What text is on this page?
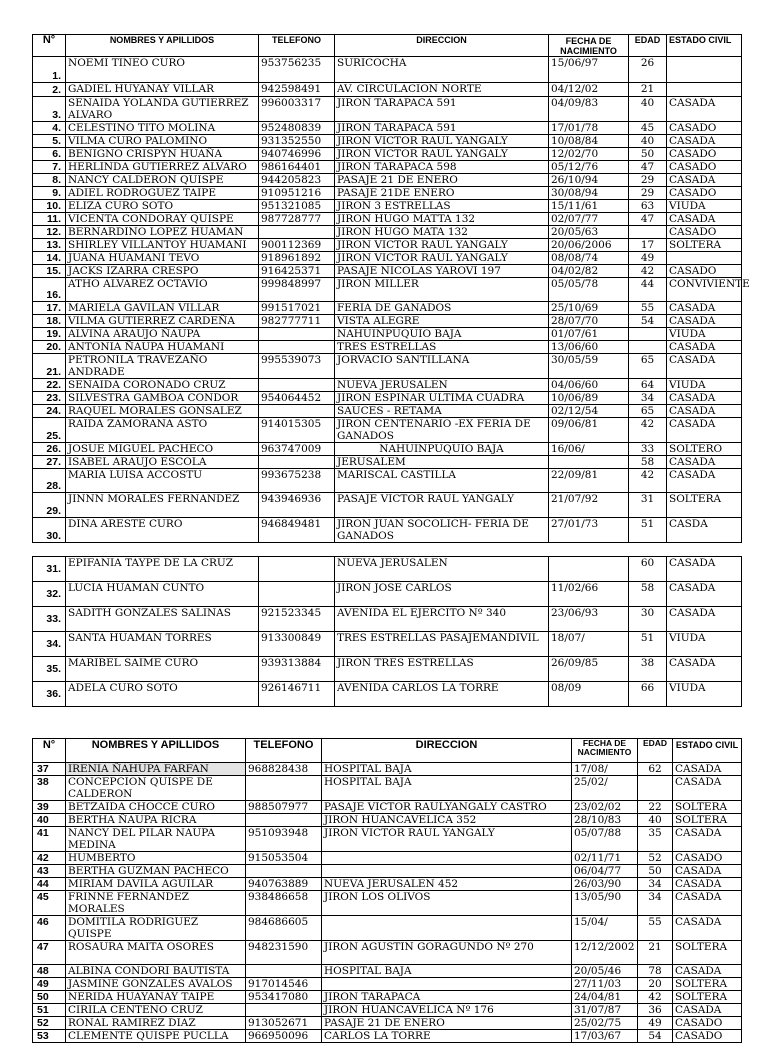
N°	NOMBRES Y APILLIDOS	TELEFONO	DIRECCION	FECHA DE NACIMIENTO	EDAD	ESTADO CIVIL
1.	NOEMI TINEO CURO	953756235	SURICOCHA	15/06/97	26	
2.	GADIEL HUYANAY VILLAR	942598491	AV. CIRCULACION NORTE	04/12/02	21	
3.	SENAIDA YOLANDA GUTIERREZ ALVARO	996003317	JIRON TARAPACA 591	04/09/83	40	CASADA
4.	CELESTINO TITO MOLINA	952480839	JIRON TARAPACA 591	17/01/78	45	CASADO
5.	VILMA CURO PALOMINO	931352550	JIRON VICTOR RAUL YANGALY	10/08/84	40	CASADA
6.	BENIGNO CRISPYN HUAÑA	940746996	JIRON VICTOR RAUL YANGALY	12/02/70	50	CASADO
7.	HERLINDA GUTIERREZ ALVARO	986164401	JIRON TARAPACA 598	05/12/76	47	CASADO
8.	NANCY CALDERON QUISPE	944205823	PASAJE 21 DE ENERO	26/10/94	29	CASADA
9.	ADIEL RODROGUEZ TAIPE	910951216	PASAJE 21DE ENERO	30/08/94	29	CASADO
10.	ELIZA CURO SOTO	951321085	JIRON 3 ESTRELLAS	15/11/61	63	VIUDA
11.	VICENTA CONDORAY QUISPE	987728777	JIRON HUGO MATTA 132	02/07/77	47	CASADA
12.	BERNARDINO LOPEZ HUAMAN		JIRON HUGO MATA 132	20/05/63		CASADO
13.	SHIRLEY VILLANTOY HUAMANI	900112369	JIRON VICTOR RAUL YANGALY	20/06/2006	17	SOLTERA
14.	JUANA HUAMANI TEVO	918961892	JIRON VICTOR RAUL YANGALY	08/08/74	49	
15.	JACKS IZARRA CRESPO	916425371	PASAJE NICOLAS YAROVI 197	04/02/82	42	CASADO
16.	ATHO ALVAREZ OCTAVIO	999848997	JIRON MILLER	05/05/78	44	CONVIVIENTE
17.	MARIELA GAVILAN VILLAR	991517021	FERIA DE GANADOS	25/10/69	55	CASADA
18.	VILMA GUTIERREZ CARDEÑA	982777711	VISTA ALEGRE	28/07/70	54	CASADA
19.	ALVINA ARAUJO ÑAUPA		NAHUINPUQUIO BAJA	01/07/61		VIUDA
20.	ANTONIA ÑAUPA HUAMANI		TRES ESTRELLAS	13/06/60		CASADA
21.	PETRONILA TRAVEZAÑO ANDRADE	995539073	JORVACIO SANTILLANA	30/05/59	65	CASADA
22.	SENAIDA CORONADO CRUZ		NUEVA JERUSALEN	04/06/60	64	VIUDA
23.	SILVESTRA GAMBOA CONDOR	954064452	JIRON ESPINAR ULTIMA CUADRA	10/06/89	34	CASADA
24.	RAQUEL MORALES GONSALEZ		SAUCES - RETAMA	02/12/54	65	CASADA
25.	RAIDA ZAMORANA ASTO	914015305	JIRON CENTENARIO -EX FERIA DE GANADOS	09/06/81	42	CASADA
26.	JOSUE MIGUEL PACHECO	963747009	NAHUINPUQUIO BAJA	16/06/	33	SOLTERO
27.	ISABEL ARAUJO ESCOLA		JERUSALEM		58	CASADA
28.	MARIA LUISA ACCOSTU	993675238	MARISCAL CASTILLA	22/09/81	42	CASADA
29.	JINNN MORALES FERNANDEZ	943946936	PASAJE VICTOR RAUL YANGALY	21/07/92	31	SOLTERA
30.	DINA ARESTE CURO	946849481	JIRON JUAN SOCOLICH- FERIA DE GANADOS	27/01/73	51	CASDA
31.	EPIFANIA TAYPE DE LA CRUZ		NUEVA JERUSALEN		60	CASADA
32.	LUCIA HUAMAN CUNTO		JIRON JOSE CARLOS	11/02/66	58	CASADA
33.	SADITH GONZALES SALINAS	921523345	AVENIDA EL EJERCITO Nº 340	23/06/93	30	CASADA
34.	SANTA HUAMAN TORRES	913300849	TRES ESTRELLAS PASAJEMANDIVIL	18/07/	51	VIUDA
35.	MARIBEL SAIME CURO	939313884	JIRON TRES ESTRELLAS	26/09/85	38	CASADA
36.	ADELA CURO SOTO	926146711	AVENIDA CARLOS LA TORRE	08/09	66	VIUDA
N°	NOMBRES Y APILLIDOS	TELEFONO	DIRECCION	FECHA DE NACIMIENTO	EDAD	ESTADO CIVIL
37	IRENIA ÑAHUPA FARFAN	968828438	HOSPITAL BAJA	17/08/	62	CASADA
38	CONCEPCION QUISPE DE CALDERON		HOSPITAL BAJA	25/02/		CASADA
39	BETZAIDA CHOCCE CURO	988507977	PASAJE VICTOR RAULYANGALY CASTRO	23/02/02	22	SOLTERA
40	BERTHA ÑAUPA RICRA		JIRON HUANCAVELICA 352	28/10/83	40	SOLTERA
41	NANCY DEL PILAR NAUPA MEDINA	951093948	JIRON VICTOR RAUL YANGALY	05/07/88	35	CASADA
42	HUMBERTO	915053504		02/11/71	52	CASADO
43	BERTHA GUZMAN PACHECO			06/04/77	50	CASADA
44	MIRIAM DAVILA AGUILAR	940763889	NUEVA JERUSALEN 452	26/03/90	34	CASADA
45	FRINNE FERNANDEZ MORALES	938486658	JIRON LOS OLIVOS	13/05/90	34	CASADA
46	DOMITILA RODRIGUEZ QUISPE	984686605		15/04/	55	CASADA
47	ROSAURA MAITA OSORES	948231590	JIRON AGUSTIN GORAGUNDO Nº 270	12/12/2002	21	SOLTERA
48	ALBINA CONDORI BAUTISTA		HOSPITAL BAJA	20/05/46	78	CASADA
49	JASMINE GONZALES AVALOS	917014546		27/11/03	20	SOLTERA
50	NERIDA HUAYANAY TAIPE	953417080	JIRON TARAPACA	24/04/81	42	SOLTERA
51	CIRILA CENTENO CRUZ		JIRON HUANCAVELICA Nº 176	31/07/87	36	CASADA
52	RONAL RAMIREZ DIAZ	913052671	PASAJE 21 DE ENERO	25/02/75	49	CASADO
53	CLEMENTE QUISPE PUCLLA	966950096	CARLOS LA TORRE	17/03/67	54	CASADO
